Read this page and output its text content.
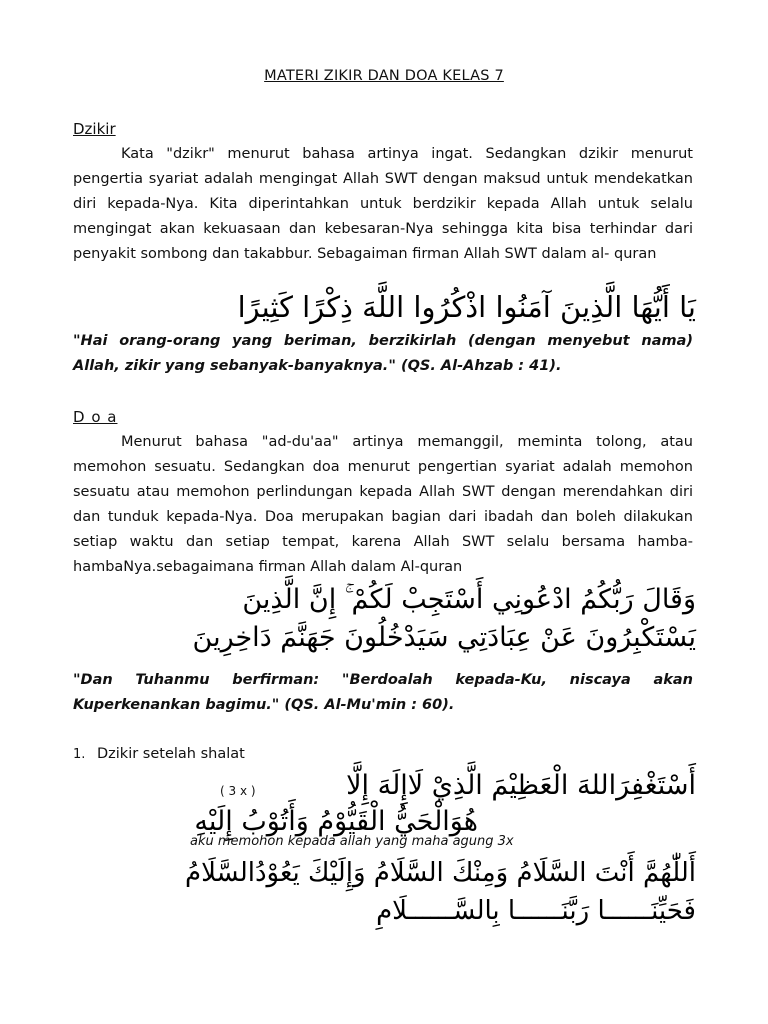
MATERI ZIKIR DAN DOA KELAS 7
Dzikir

Kata "dzikr" menurut bahasa artinya ingat. Sedangkan dzikir menurut pengertia syariat adalah mengingat Allah SWT dengan maksud untuk mendekatkan diri kepada-Nya. Kita diperintahkan untuk berdzikir kepada Allah untuk selalu mengingat akan kekuasaan dan kebesaran-Nya sehingga kita bisa terhindar dari penyakit sombong dan takabbur. Sebagaiman firman Allah SWT dalam al- quran

يَا أَيُّهَا الَّذِينَ آمَنُوا اذْكُرُوا اللَّهَ ذِكْرًا كَثِيرًا
"Hai orang-orang yang beriman, berzikirlah (dengan menyebut nama) Allah, zikir yang sebanyak-banyaknya." (QS. Al-Ahzab : 41).
D o a

Menurut bahasa "ad-du'aa" artinya memanggil, meminta tolong, atau memohon sesuatu. Sedangkan doa menurut pengertian syariat adalah memohon sesuatu atau memohon perlindungan kepada Allah SWT dengan merendahkan diri dan tunduk kepada-Nya. Doa merupakan bagian dari ibadah dan boleh dilakukan setiap waktu dan setiap tempat, karena Allah SWT selalu bersama hamba-hambaNya.sebagaimana firman Allah dalam Al-quran

وَقَالَ رَبُّكُمُ ادْعُونِي أَسْتَجِبْ لَكُمْ ۚ إِنَّ الَّذِينَ
يَسْتَكْبِرُونَ عَنْ عِبَادَتِي سَيَدْخُلُونَ جَهَنَّمَ دَاخِرِينَ
"Dan Tuhanmu berfirman: "Berdoalah kepada-Ku, niscaya akan Kuperkenankan bagimu." (QS. Al-Mu'min : 60).
1. Dzikir setelah shalat
أَسْتَغْفِرَاللهَ الْعَظِيْمَ الَّذِيْ لَاإِلَهَ إِلَّا
( 3 x )
هُوَالْحَيُّ الْقَيُّوْمُ وَأَتُوْبُ إِلَيْهِ
aku memohon kepada allah yang maha agung 3x
أَللّٰهُمَّ أَنْتَ السَّلَامُ وَمِنْكَ السَّلَامُ وَإِلَيْكَ يَعُوْدُالسَّلَامُ
فَحَيِّنَــــــا رَبَّنَــــــا بِالسَّــــــلَامِ
